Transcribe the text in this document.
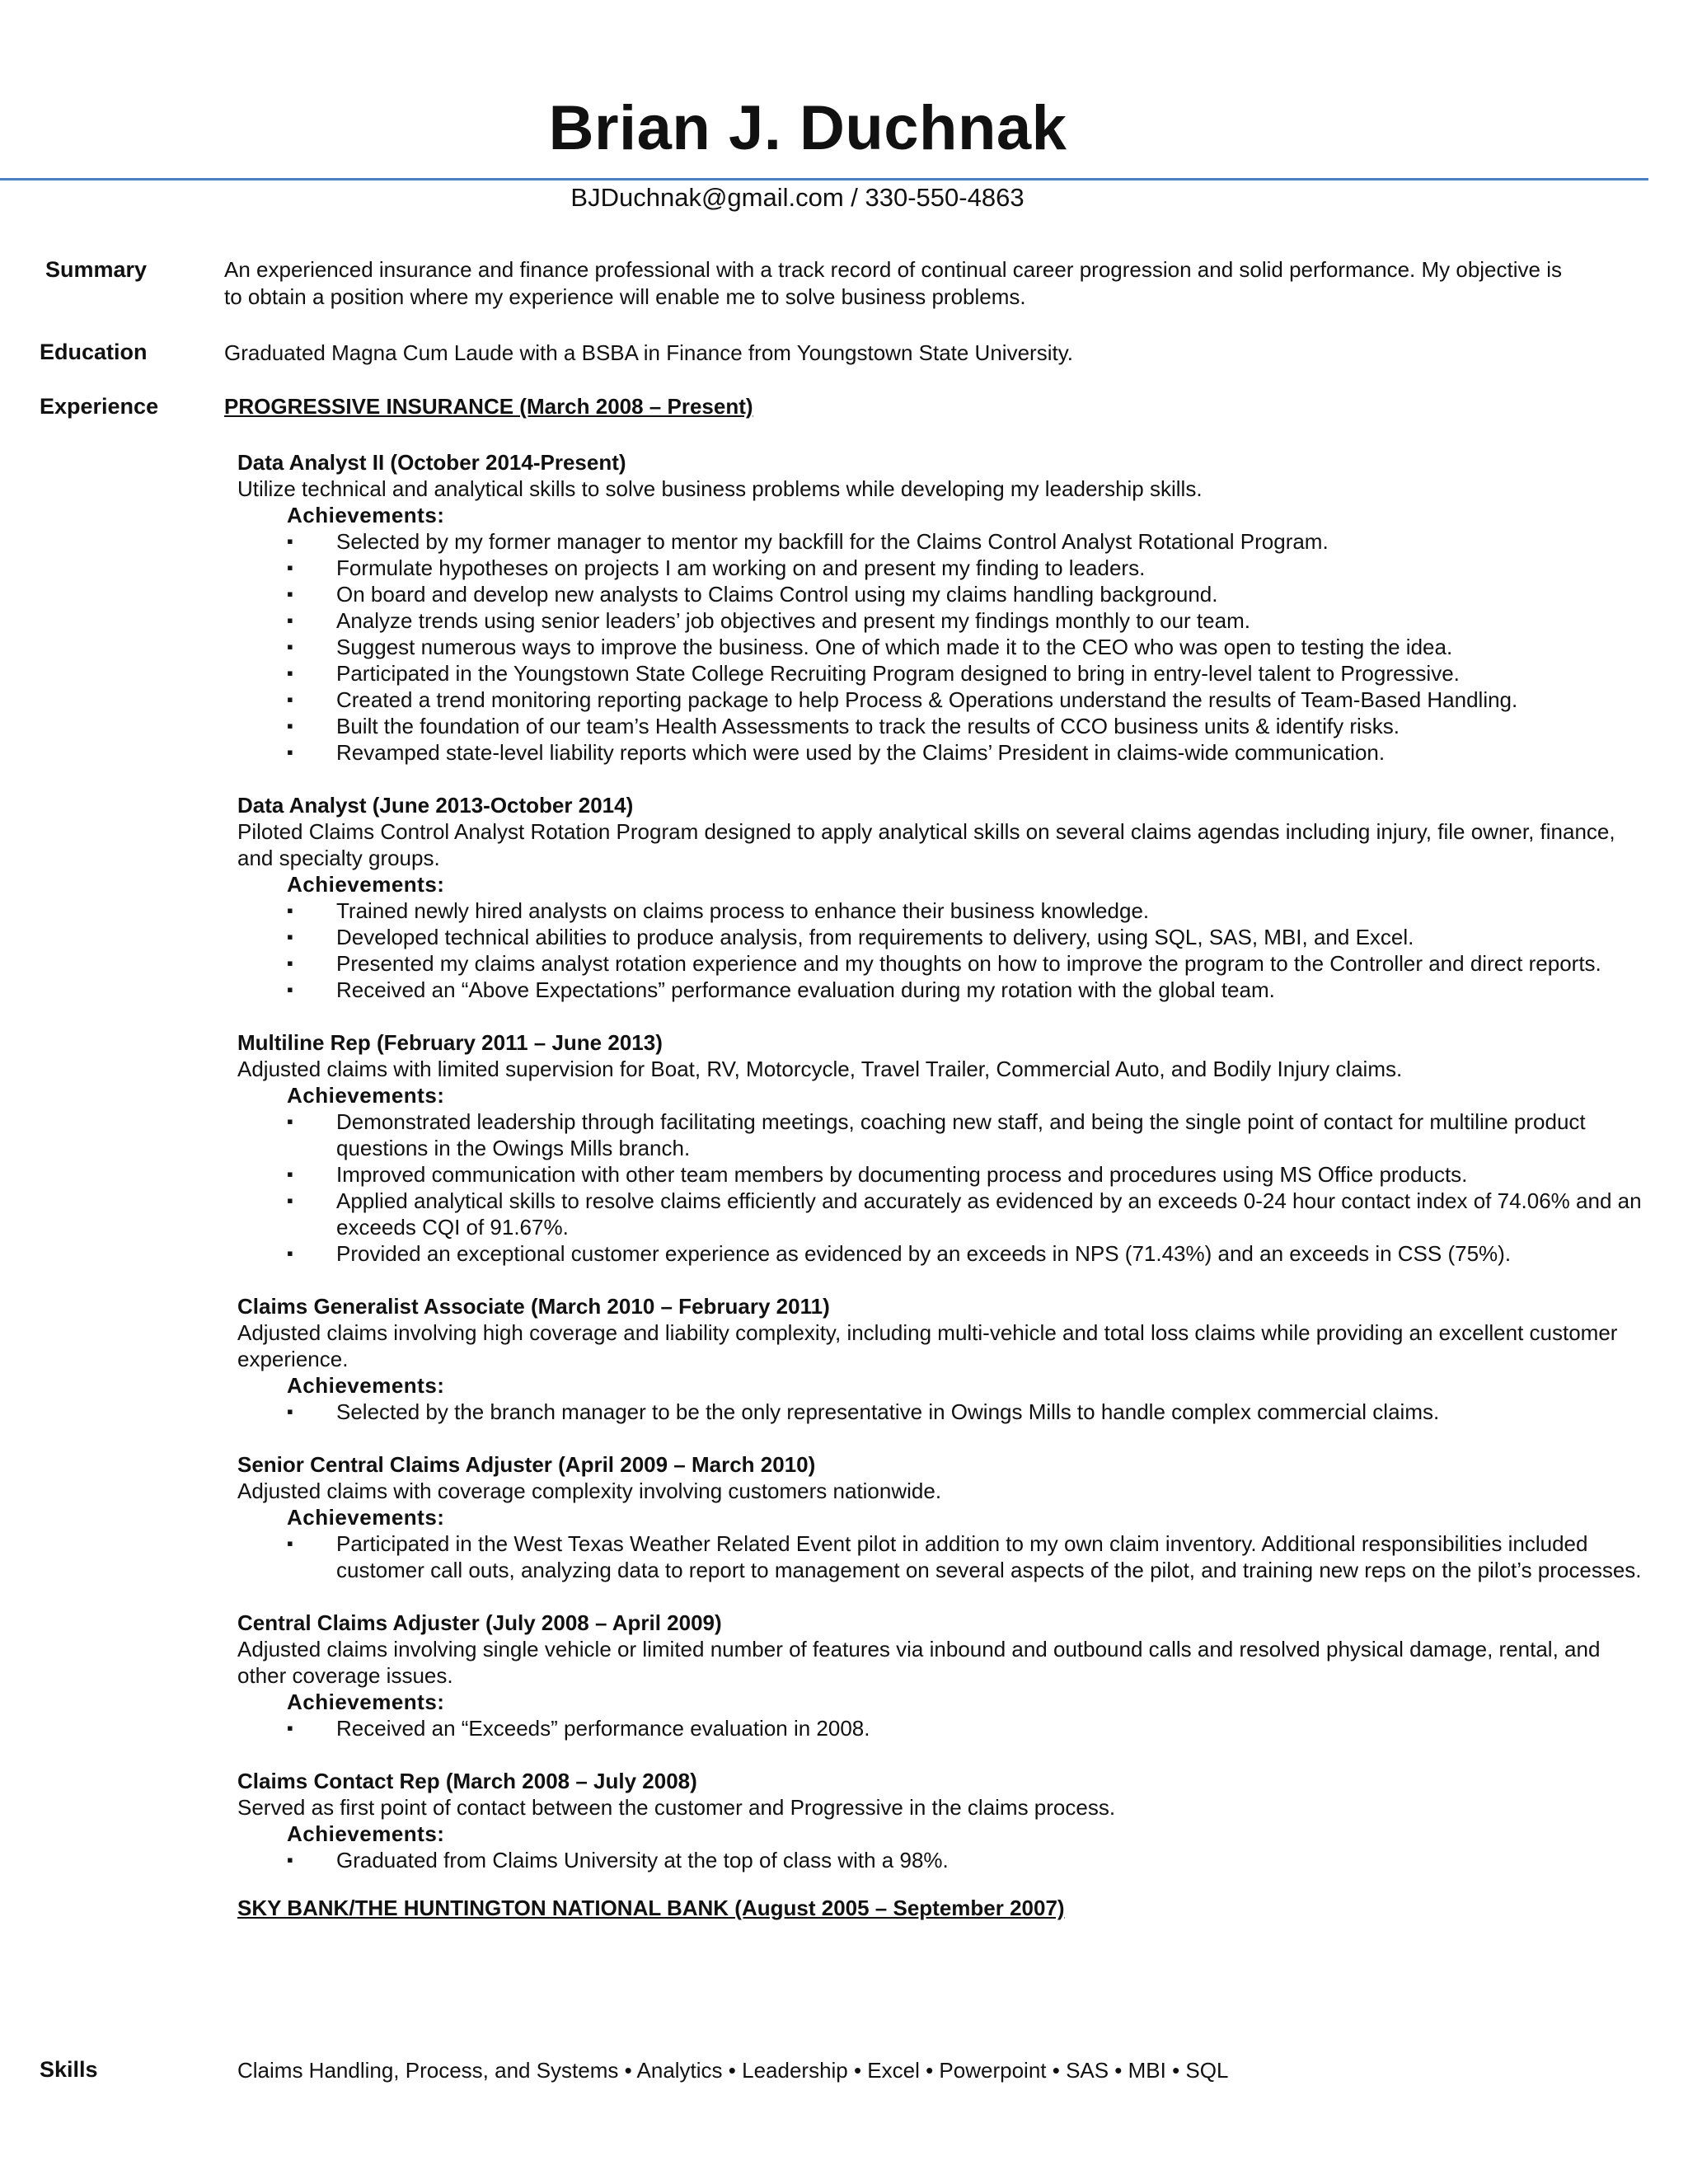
Brian J. Duchnak
BJDuchnak@gmail.com / 330-550-4863
Summary	An experienced insurance and finance professional with a track record of continual career progression and solid performance. My objective is to obtain a position where my experience will enable me to solve business problems.
Education	Graduated Magna Cum Laude with a BSBA in Finance from Youngstown State University.
Experience	PROGRESSIVE INSURANCE (March 2008 – Present)
Data Analyst II (October 2014-Present)
Utilize technical and analytical skills to solve business problems while developing my leadership skills.
Achievements:
▪ Selected by my former manager to mentor my backfill for the Claims Control Analyst Rotational Program.
▪ Formulate hypotheses on projects I am working on and present my finding to leaders.
▪ On board and develop new analysts to Claims Control using my claims handling background.
▪ Analyze trends using senior leaders’ job objectives and present my findings monthly to our team.
▪ Suggest numerous ways to improve the business. One of which made it to the CEO who was open to testing the idea.
▪ Participated in the Youngstown State College Recruiting Program designed to bring in entry-level talent to Progressive.
▪ Created a trend monitoring reporting package to help Process & Operations understand the results of Team-Based Handling.
▪ Built the foundation of our team’s Health Assessments to track the results of CCO business units & identify risks.
▪ Revamped state-level liability reports which were used by the Claims’ President in claims-wide communication.
Data Analyst (June 2013-October 2014)
Piloted Claims Control Analyst Rotation Program designed to apply analytical skills on several claims agendas including injury, file owner, finance, and specialty groups.
Achievements:
▪ Trained newly hired analysts on claims process to enhance their business knowledge.
▪ Developed technical abilities to produce analysis, from requirements to delivery, using SQL, SAS, MBI, and Excel.
▪ Presented my claims analyst rotation experience and my thoughts on how to improve the program to the Controller and direct reports.
▪ Received an “Above Expectations” performance evaluation during my rotation with the global team.
Multiline Rep (February 2011 – June 2013)
Adjusted claims with limited supervision for Boat, RV, Motorcycle, Travel Trailer, Commercial Auto, and Bodily Injury claims.
Achievements:
▪ Demonstrated leadership through facilitating meetings, coaching new staff, and being the single point of contact for multiline product questions in the Owings Mills branch.
▪ Improved communication with other team members by documenting process and procedures using MS Office products.
▪ Applied analytical skills to resolve claims efficiently and accurately as evidenced by an exceeds 0-24 hour contact index of 74.06% and an exceeds CQI of 91.67%.
▪ Provided an exceptional customer experience as evidenced by an exceeds in NPS (71.43%) and an exceeds in CSS (75%).
Claims Generalist Associate (March 2010 – February 2011)
Adjusted claims involving high coverage and liability complexity, including multi-vehicle and total loss claims while providing an excellent customer experience.
Achievements:
▪ Selected by the branch manager to be the only representative in Owings Mills to handle complex commercial claims.
Senior Central Claims Adjuster (April 2009 – March 2010)
Adjusted claims with coverage complexity involving customers nationwide.
Achievements:
▪ Participated in the West Texas Weather Related Event pilot in addition to my own claim inventory. Additional responsibilities included customer call outs, analyzing data to report to management on several aspects of the pilot, and training new reps on the pilot’s processes.
Central Claims Adjuster (July 2008 – April 2009)
Adjusted claims involving single vehicle or limited number of features via inbound and outbound calls and resolved physical damage, rental, and other coverage issues.
Achievements:
▪ Received an “Exceeds” performance evaluation in 2008.
Claims Contact Rep (March 2008 – July 2008)
Served as first point of contact between the customer and Progressive in the claims process.
Achievements:
▪ Graduated from Claims University at the top of class with a 98%.
SKY BANK/THE HUNTINGTON NATIONAL BANK (August 2005 – September 2007)
Skills	Claims Handling, Process, and Systems • Analytics • Leadership • Excel • Powerpoint • SAS • MBI • SQL
